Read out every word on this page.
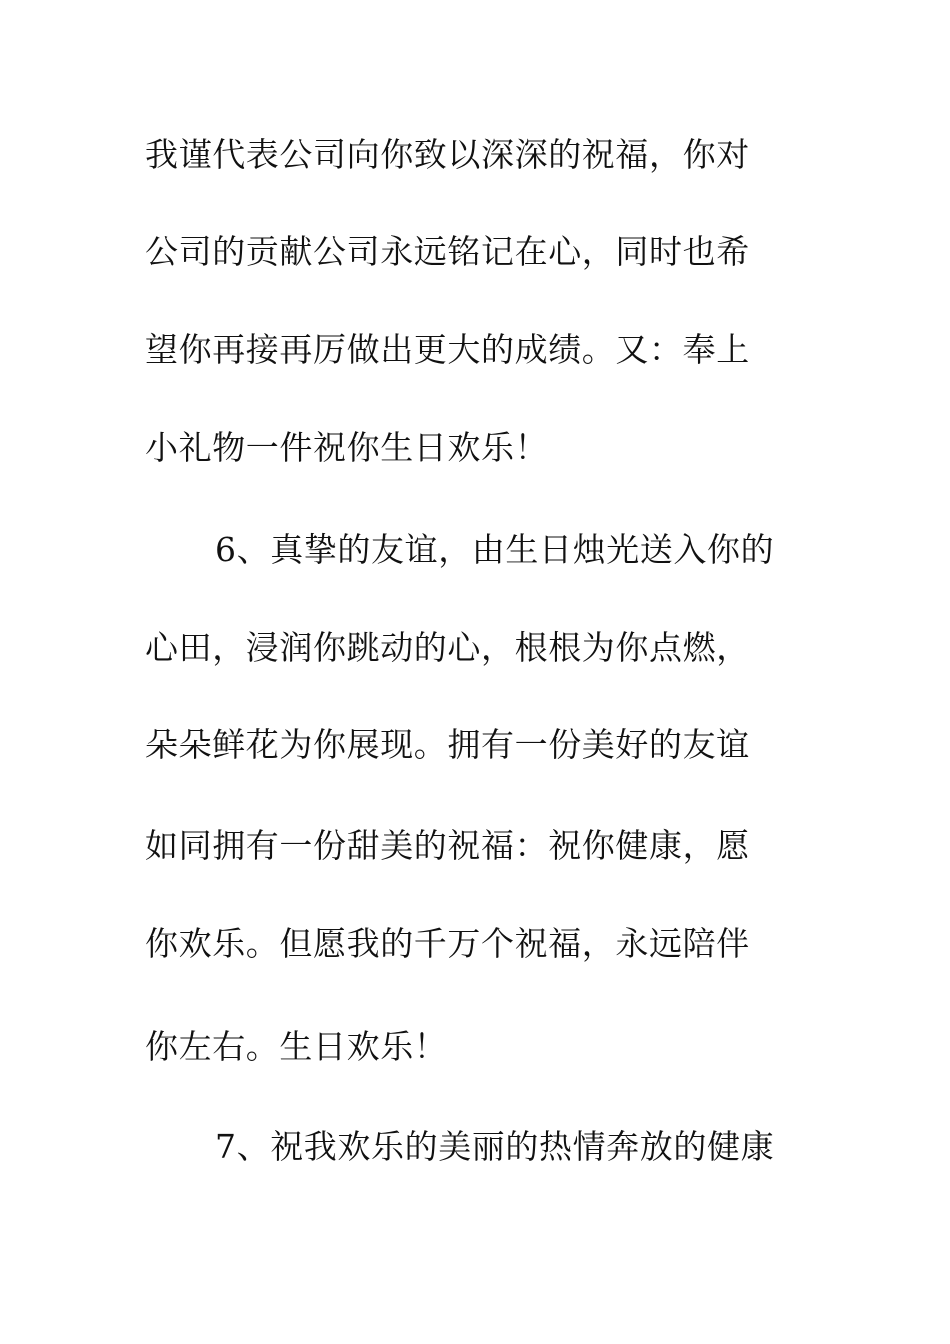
我谨代表公司向你致以深深的祝福，你对
公司的贡献公司永远铭记在心，同时也希
望你再接再厉做出更大的成绩。又：奉上
小礼物一件祝你生日欢乐！
6、真挚的友谊，由生日烛光送入你的
心田，浸润你跳动的心，根根为你点燃，
朵朵鲜花为你展现。拥有一份美好的友谊
如同拥有一份甜美的祝福：祝你健康，愿
你欢乐。但愿我的千万个祝福，永远陪伴
你左右。生日欢乐！
7、祝我欢乐的美丽的热情奔放的健康
